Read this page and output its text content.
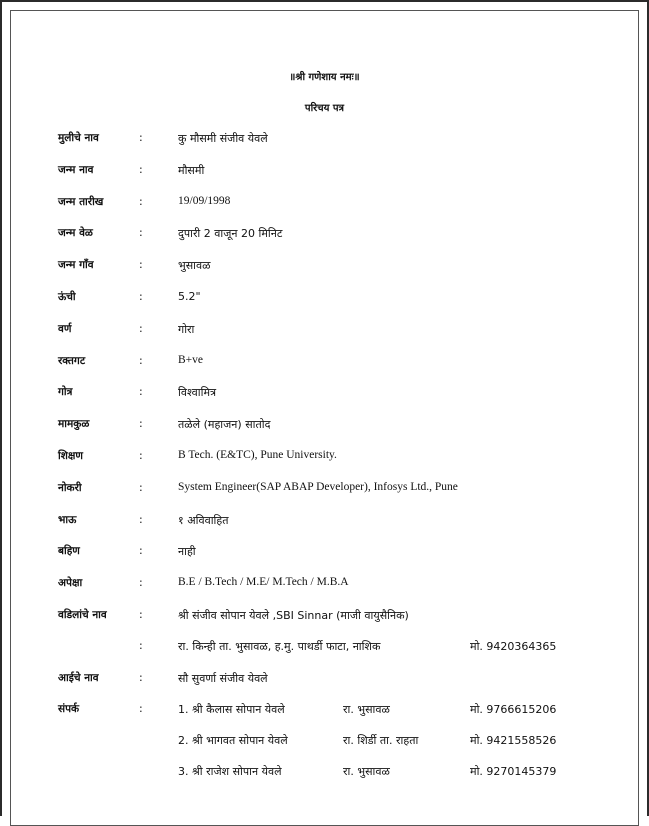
॥श्री गणेशाय नमः॥
परिचय पत्र
मुलीचे नाव	:	कु मौसमी संजीव येवले
जन्म नाव	:	मौसमी
जन्म तारीख	:	19/09/1998
जन्म वेळ	:	दुपारी 2 वाजून 20 मिनिट
जन्म गाँव	:	भुसावळ
ऊंची	:	5.2"
वर्ण	:	गोरा
रक्तगट	:	B+ve
गोत्र	:	विश्वामित्र
मामकुळ	:	तळेले (महाजन) सातोद
शिक्षण	:	B Tech. (E&TC), Pune University.
नोकरी	:	System Engineer(SAP ABAP Developer), Infosys Ltd., Pune
भाऊ	:	१ अविवाहित
बहिण	:	नाही
अपेक्षा	:	B.E / B.Tech / M.E/ M.Tech / M.B.A
वडिलांचे नाव	:	श्री संजीव सोपान येवले ,SBI Sinnar (माजी वायुसैनिक)
:	रा. किन्ही ता. भुसावळ, ह.मु. पाथर्डी फाटा, नाशिक	मो. 9420364365
आईचे नाव	:	सौ सुवर्णा संजीव येवले
संपर्क	:	1. श्री कैलास सोपान येवले	रा. भुसावळ	मो. 9766615206
2. श्री भागवत सोपान येवले	रा. शिर्डी ता. राहता	मो. 9421558526
3. श्री राजेश सोपान येवले	रा. भुसावळ	मो. 9270145379
